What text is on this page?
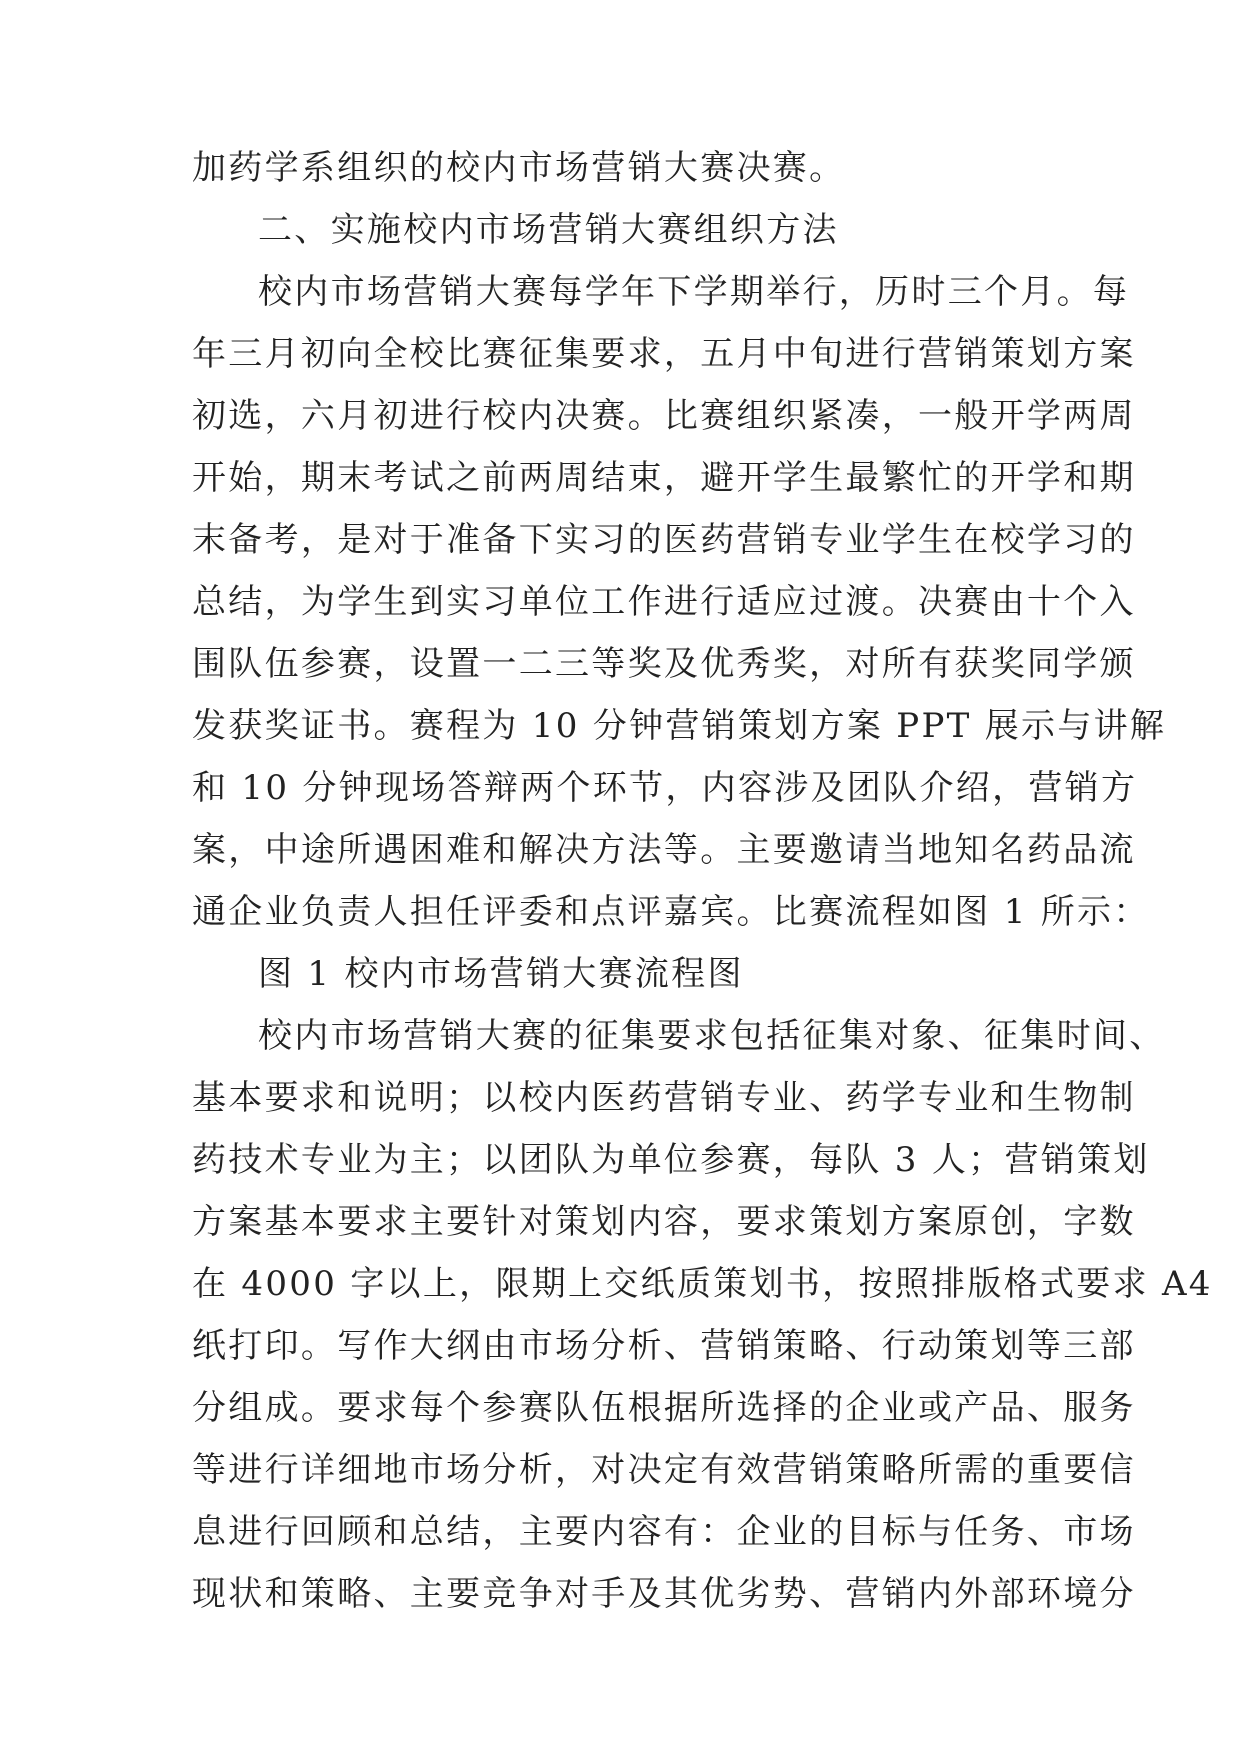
加药学系组织的校内市场营销大赛决赛。
二、实施校内市场营销大赛组织方法
校内市场营销大赛每学年下学期举行，历时三个月。每
年三月初向全校比赛征集要求，五月中旬进行营销策划方案
初选，六月初进行校内决赛。比赛组织紧凑，一般开学两周
开始，期末考试之前两周结束，避开学生最繁忙的开学和期
末备考，是对于准备下实习的医药营销专业学生在校学习的
总结，为学生到实习单位工作进行适应过渡。决赛由十个入
围队伍参赛，设置一二三等奖及优秀奖，对所有获奖同学颁
发获奖证书。赛程为 10 分钟营销策划方案 PPT 展示与讲解
和 10 分钟现场答辩两个环节，内容涉及团队介绍，营销方
案，中途所遇困难和解决方法等。主要邀请当地知名药品流
通企业负责人担任评委和点评嘉宾。比赛流程如图 1 所示：
图 1 校内市场营销大赛流程图
校内市场营销大赛的征集要求包括征集对象、征集时间、
基本要求和说明；以校内医药营销专业、药学专业和生物制
药技术专业为主；以团队为单位参赛，每队 3 人；营销策划
方案基本要求主要针对策划内容，要求策划方案原创，字数
在 4000 字以上，限期上交纸质策划书，按照排版格式要求 A4
纸打印。写作大纲由市场分析、营销策略、行动策划等三部
分组成。要求每个参赛队伍根据所选择的企业或产品、服务
等进行详细地市场分析，对决定有效营销策略所需的重要信
息进行回顾和总结，主要内容有：企业的目标与任务、市场
现状和策略、主要竞争对手及其优劣势、营销内外部环境分
